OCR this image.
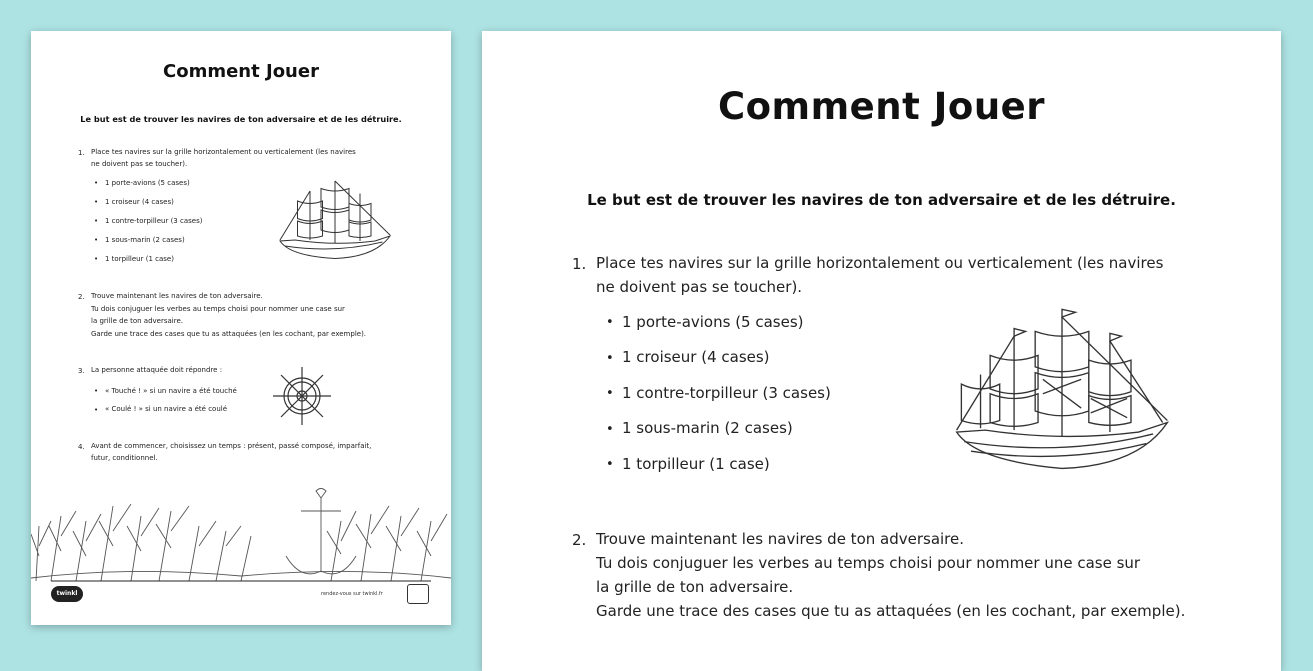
Comment Jouer
Le but est de trouver les navires de ton adversaire et de les détruire.
1. Place tes navires sur la grille horizontalement ou verticalement (les navires
ne doivent pas se toucher).
• 1 porte-avions (5 cases)
• 1 croiseur (4 cases)
• 1 contre-torpilleur (3 cases)
• 1 sous-marin (2 cases)
• 1 torpilleur (1 case)
2. Trouve maintenant les navires de ton adversaire.
Tu dois conjuguer les verbes au temps choisi pour nommer une case sur
la grille de ton adversaire.
Garde une trace des cases que tu as attaquées (en les cochant, par exemple).
3. La personne attaquée doit répondre :
• « Touché ! » si un navire a été touché
• « Coulé ! » si un navire a été coulé
4. Avant de commencer, choisissez un temps : présent, passé composé, imparfait,
futur, conditionnel.
twinkl	rendez-vous sur twinkl.fr
Comment Jouer
Le but est de trouver les navires de ton adversaire et de les détruire.
1. Place tes navires sur la grille horizontalement ou verticalement (les navires
ne doivent pas se toucher).
• 1 porte-avions (5 cases)
• 1 croiseur (4 cases)
• 1 contre-torpilleur (3 cases)
• 1 sous-marin (2 cases)
• 1 torpilleur (1 case)
2. Trouve maintenant les navires de ton adversaire.
Tu dois conjuguer les verbes au temps choisi pour nommer une case sur
la grille de ton adversaire.
Garde une trace des cases que tu as attaquées (en les cochant, par exemple).
